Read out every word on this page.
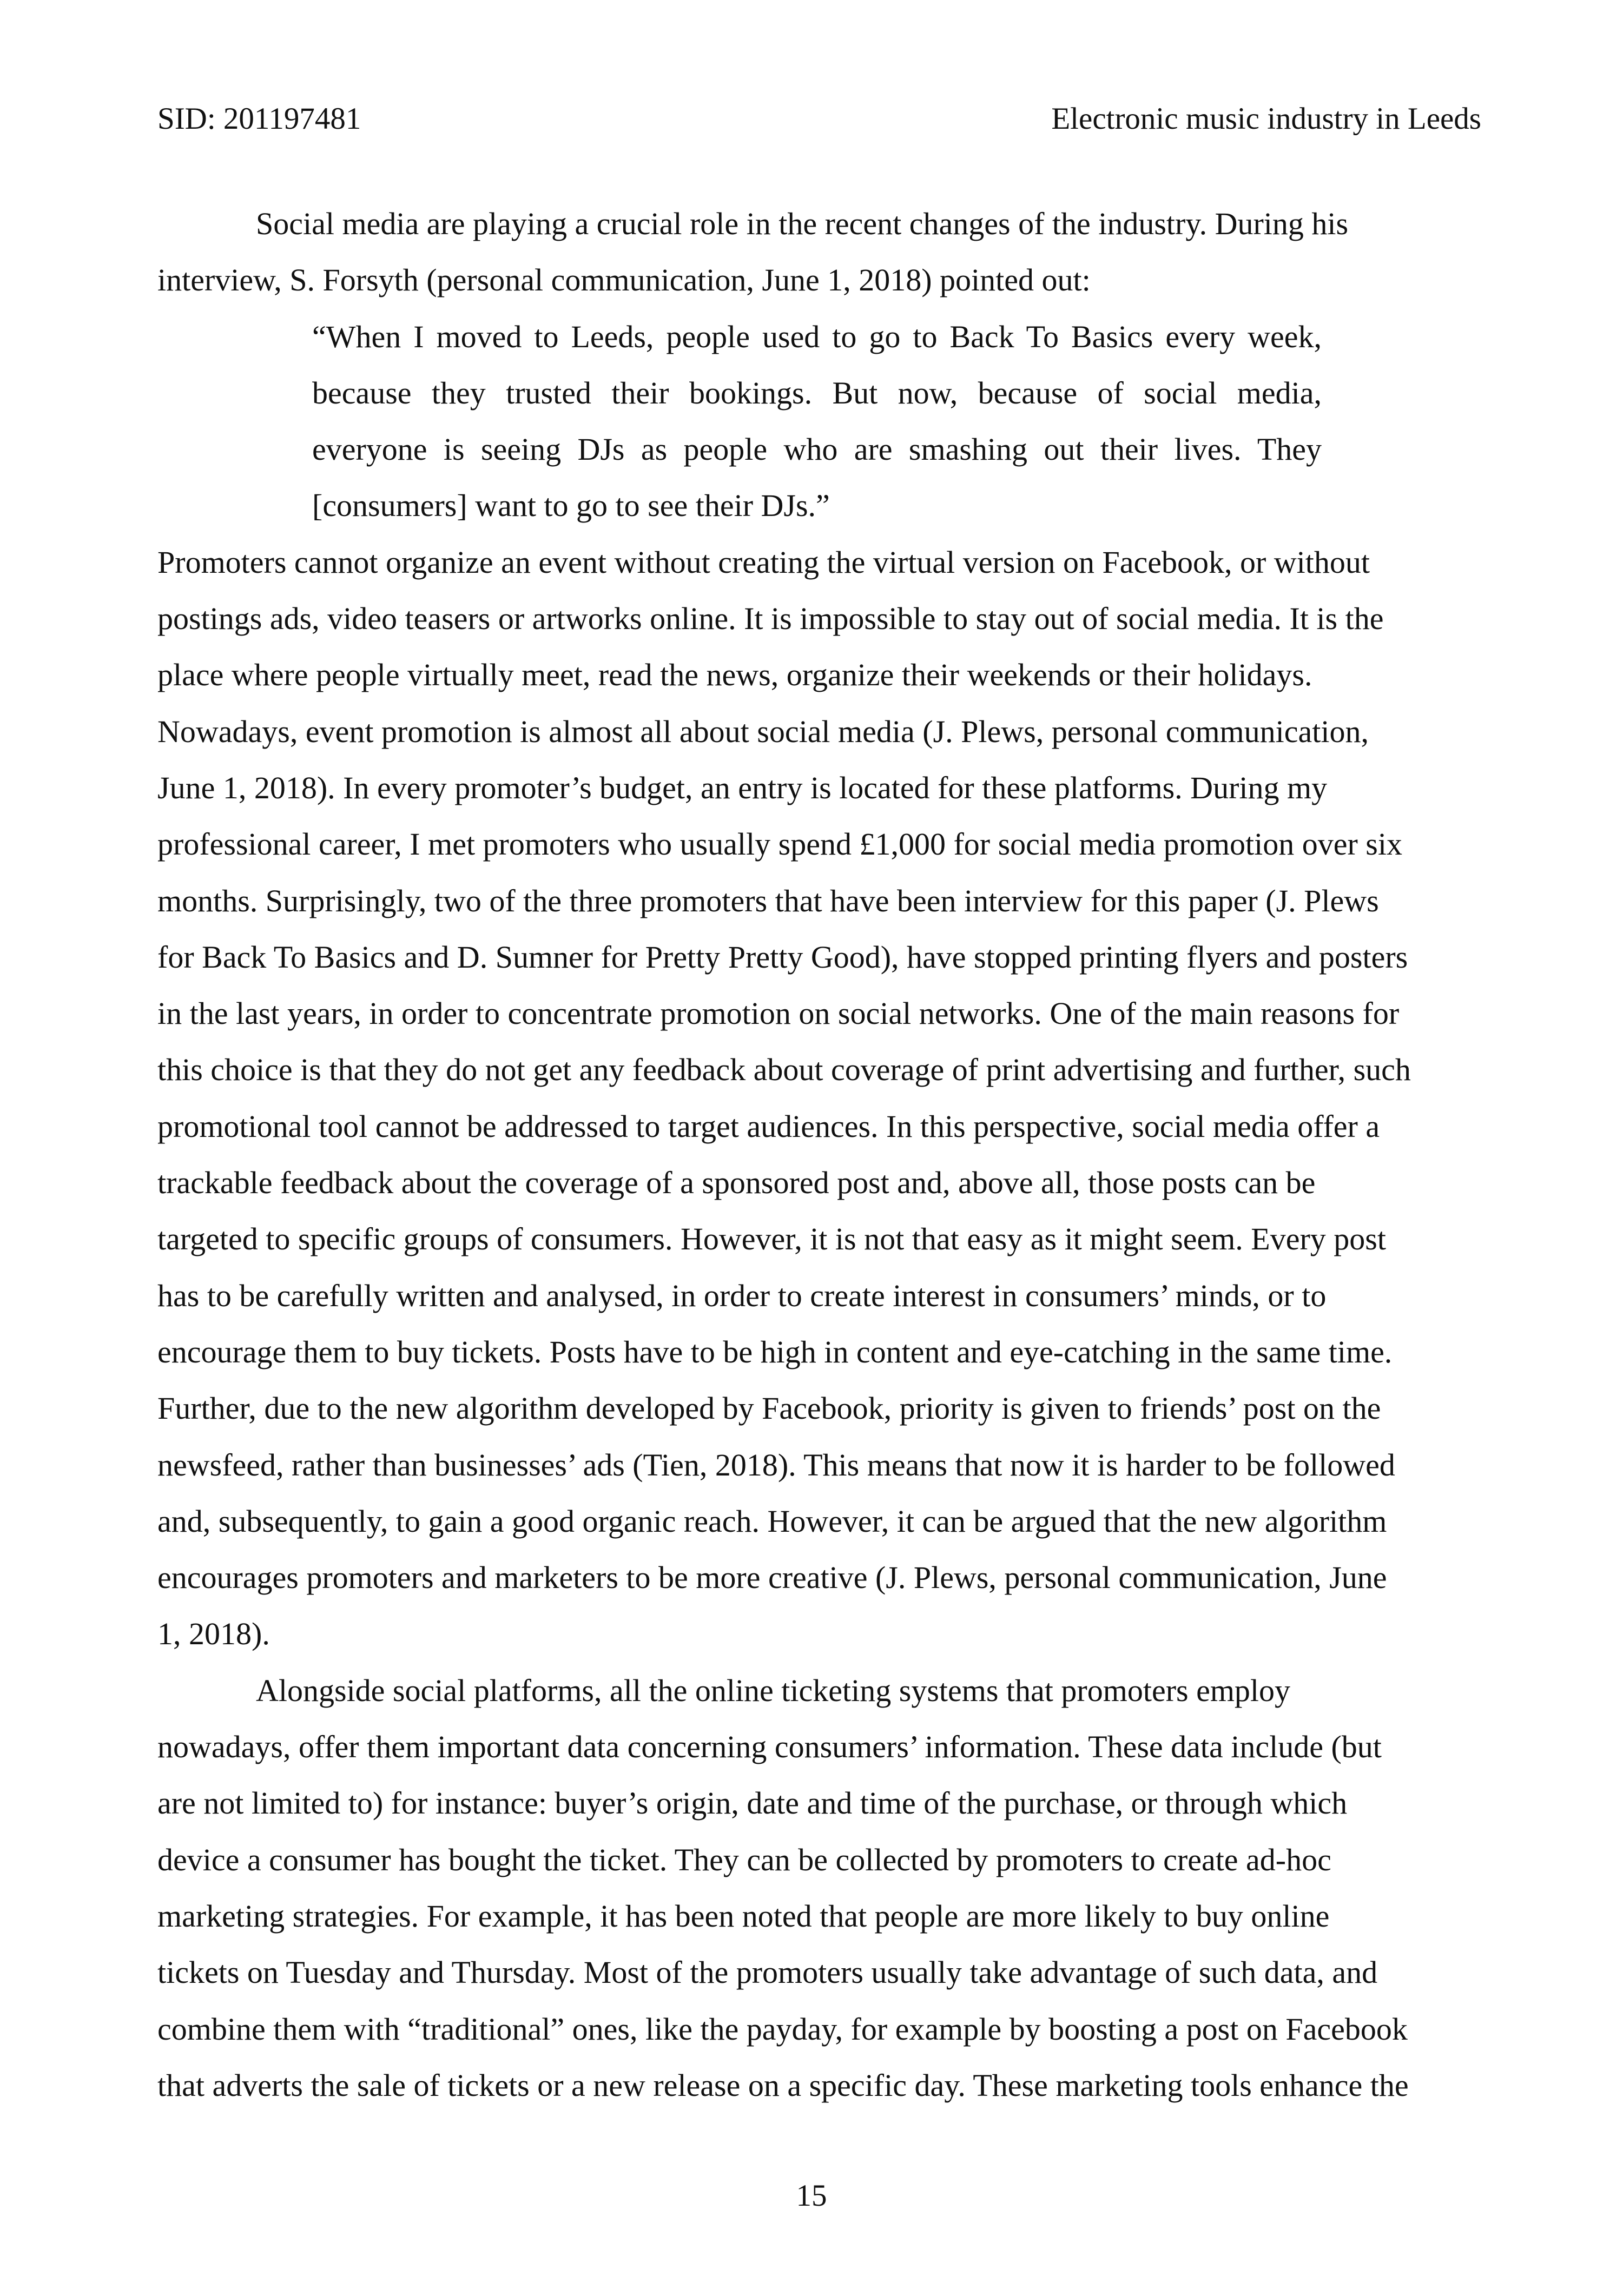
SID: 201197481	Electronic music industry in Leeds
Social media are playing a crucial role in the recent changes of the industry. During his
interview, S. Forsyth (personal communication, June 1, 2018) pointed out:
“When I moved to Leeds, people used to go to Back To Basics every week,
because they trusted their bookings. But now, because of social media,
everyone is seeing DJs as people who are smashing out their lives. They
[consumers] want to go to see their DJs.”
Promoters cannot organize an event without creating the virtual version on Facebook, or without
postings ads, video teasers or artworks online. It is impossible to stay out of social media. It is the
place where people virtually meet, read the news, organize their weekends or their holidays.
Nowadays, event promotion is almost all about social media (J. Plews, personal communication,
June 1, 2018). In every promoter’s budget, an entry is located for these platforms. During my
professional career, I met promoters who usually spend £1,000 for social media promotion over six
months. Surprisingly, two of the three promoters that have been interview for this paper (J. Plews
for Back To Basics and D. Sumner for Pretty Pretty Good), have stopped printing flyers and posters
in the last years, in order to concentrate promotion on social networks. One of the main reasons for
this choice is that they do not get any feedback about coverage of print advertising and further, such
promotional tool cannot be addressed to target audiences. In this perspective, social media offer a
trackable feedback about the coverage of a sponsored post and, above all, those posts can be
targeted to specific groups of consumers. However, it is not that easy as it might seem. Every post
has to be carefully written and analysed, in order to create interest in consumers’ minds, or to
encourage them to buy tickets. Posts have to be high in content and eye-catching in the same time.
Further, due to the new algorithm developed by Facebook, priority is given to friends’ post on the
newsfeed, rather than businesses’ ads (Tien, 2018). This means that now it is harder to be followed
and, subsequently, to gain a good organic reach. However, it can be argued that the new algorithm
encourages promoters and marketers to be more creative (J. Plews, personal communication, June
1, 2018).
Alongside social platforms, all the online ticketing systems that promoters employ
nowadays, offer them important data concerning consumers’ information. These data include (but
are not limited to) for instance: buyer’s origin, date and time of the purchase, or through which
device a consumer has bought the ticket. They can be collected by promoters to create ad-hoc
marketing strategies. For example, it has been noted that people are more likely to buy online
tickets on Tuesday and Thursday. Most of the promoters usually take advantage of such data, and
combine them with “traditional” ones, like the payday, for example by boosting a post on Facebook
that adverts the sale of tickets or a new release on a specific day. These marketing tools enhance the
15
